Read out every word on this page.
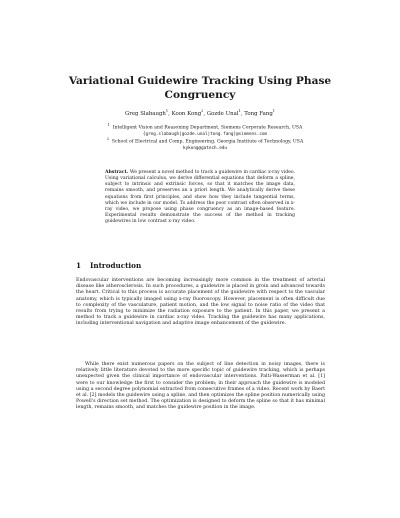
Variational Guidewire Tracking Using Phase
Congruency
Greg Slabaugh$^1$, Koon Kong$^2$, Gozde Unal$^1$, Tong Fang$^1$
$^1$  Intelligent Vision and Reasoning Department, Siemens Corporate Research, USA
{greg.slabaugh|gozde.unal|tong.fang}@siemens.com
$^2$  School of Electrical and Comp. Engineering, Georgia Institute of Technology, USA
kykong@gatech.edu
Abstract. We present a novel method to track a guidewire in cardiac x-ray video. Using variational calculus, we derive differential equations that deform a spline, subject to intrinsic and extrinsic forces, so that it matches the image data, remains smooth, and preserves an a priori length. We analytically derive these equations from first principles, and show how they include tangential terms, which we include in our model. To address the poor contrast often observed in x-ray video, we propose using phase congruency as an image-based feature. Experimental results demonstrate the success of the method in tracking guidewires in low contrast x-ray video.
1 Introduction
Endovascular interventions are becoming increasingly more common in the treatment of arterial disease like atherosclerosis. In such procedures, a guidewire is placed in groin and advanced towards the heart. Critical to this process is accurate placement of the guidewire with respect to the vascular anatomy, which is typically imaged using x-ray fluoroscopy. However, placement is often difficult due to complexity of the vasculature, patient motion, and the low signal to noise ratio of the video that results from trying to minimize the radiation exposure to the patient. In this paper, we present a method to track a guidewire in cardiac x-ray video. Tracking the guidewire has many applications, including interventional navigation and adaptive image enhancement of the guidewire.
While there exist numerous papers on the subject of line detection in noisy images, there is relatively little literature devoted to the more specific topic of guidewire tracking, which is perhaps unexpected given the clinical importance of endovascular interventions. Palti-Wasserman et al. [1] were to our knowledge the first to consider the problem; in their approach the guidewire is modeled using a second degree polynomial extracted from consecutive frames of a video. Recent work by Baert et al. [2] models the guidewire using a spline, and then optimizes the spline position numerically using Powell's direction set method. The optimization is designed to deform the spline so that it has minimal length, remains smooth, and matches the guidewire position in the image.
